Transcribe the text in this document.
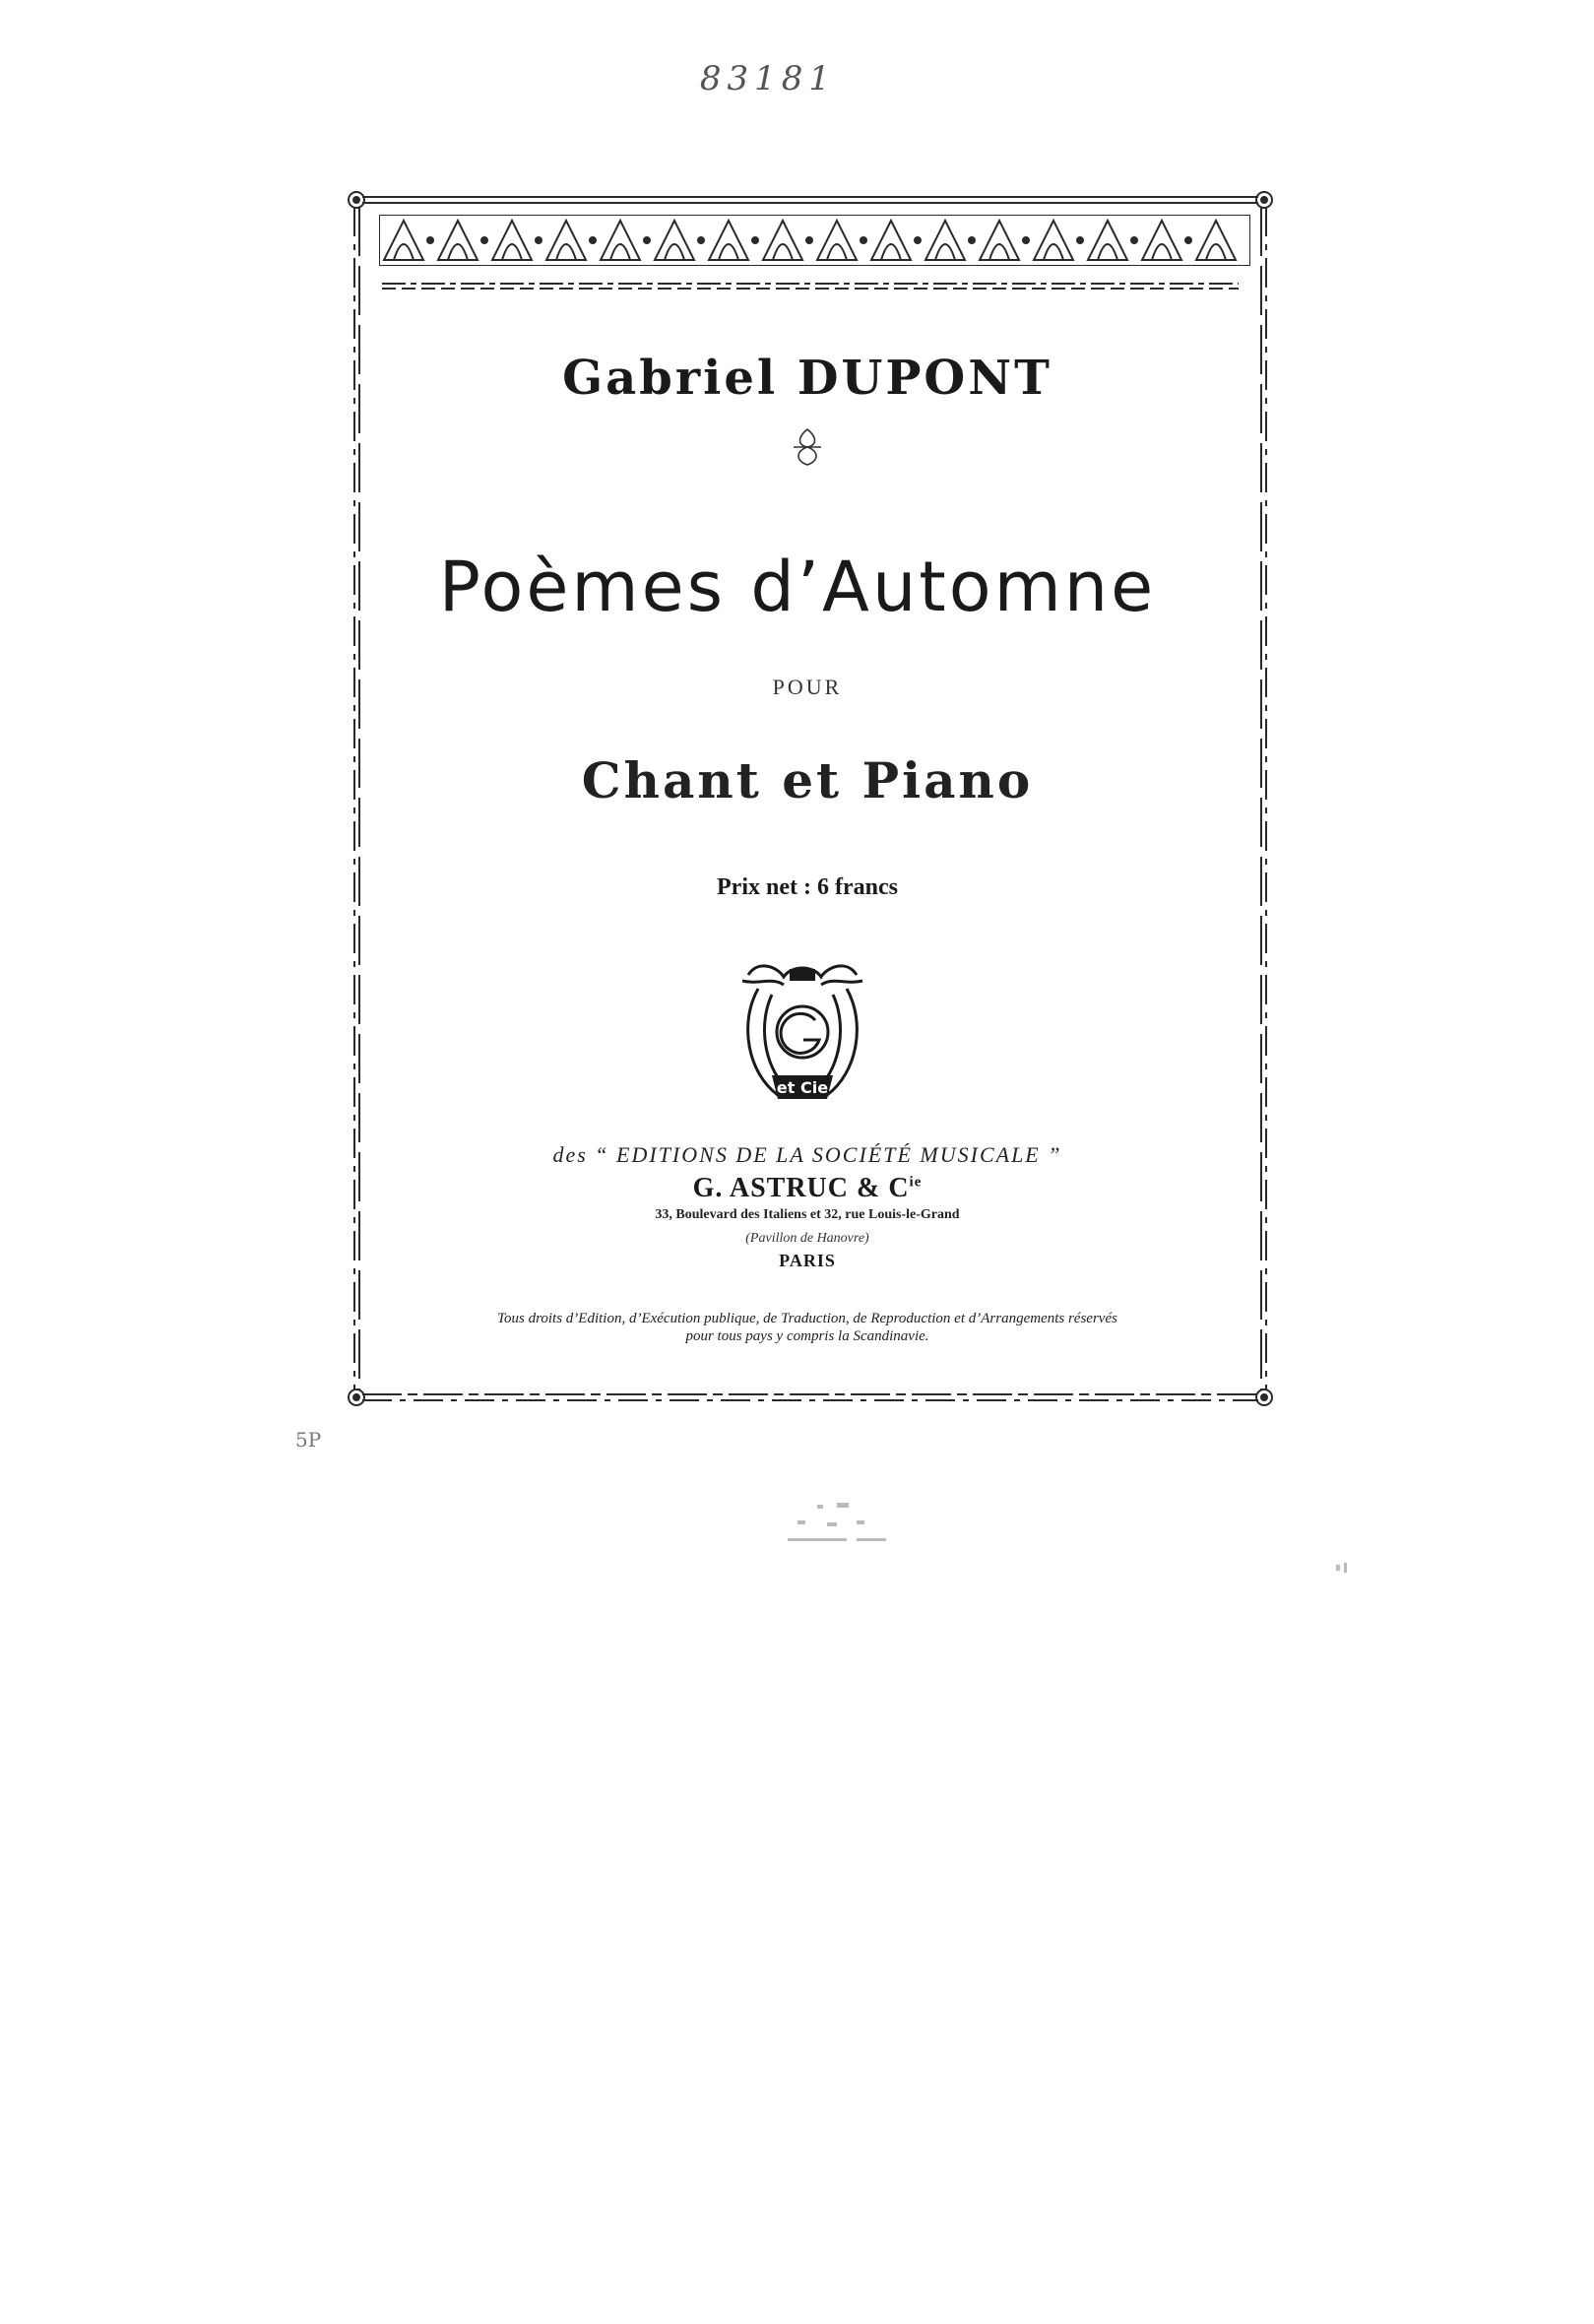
83181
Gabriel DUPONT
Poèmes d’Automne
POUR
Chant et Piano
Prix net : 6 francs
et Cie
des “ EDITIONS DE LA SOCIÉTÉ MUSICALE ”
G. ASTRUC & $C^{ie}$
33, Boulevard des Italiens et 32, rue Louis-le-Grand
(Pavillon de Hanovre)
PARIS
Tous droits d’Edition, d’Exécution publique, de Traduction, de Reproduction et d’Arrangements réservés
pour tous pays y compris la Scandinavie.
5P
